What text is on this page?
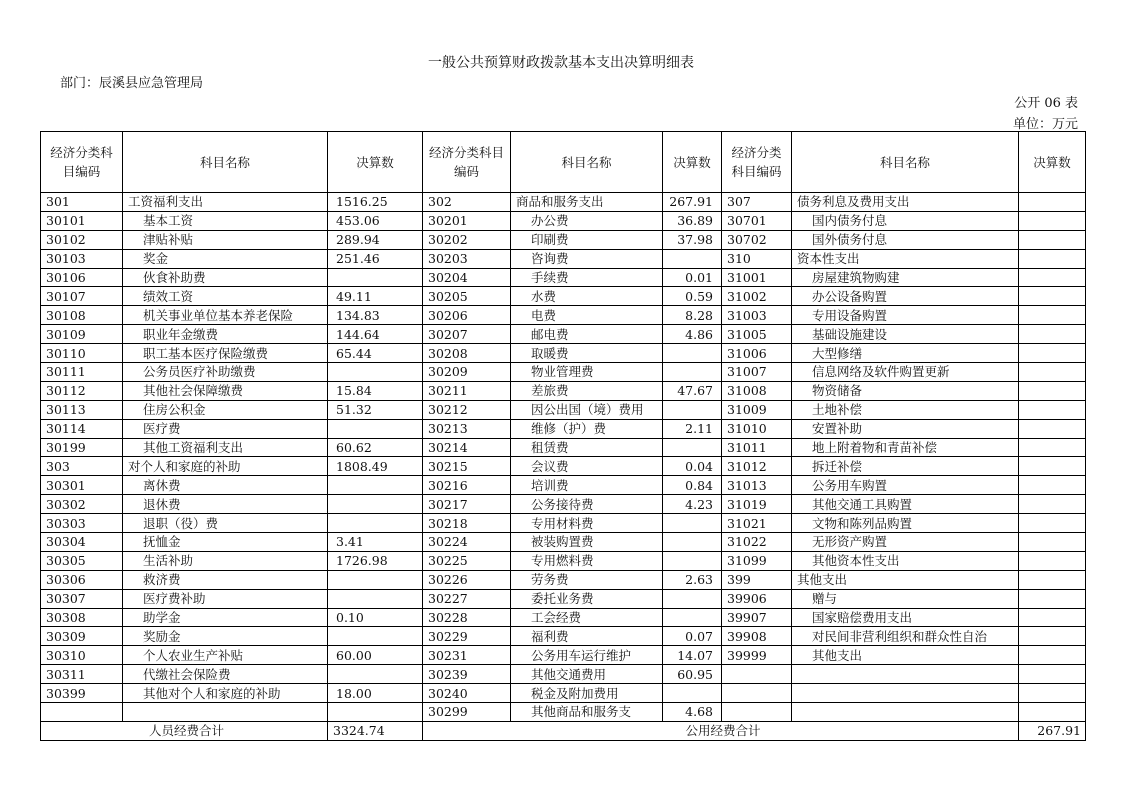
一般公共预算财政拨款基本支出决算明细表
部门：辰溪县应急管理局
公开 06 表
单位：万元
经济分类科目编码	科目名称	决算数	经济分类科目编码	科目名称	决算数	经济分类科目编码	科目名称	决算数
301	工资福利支出	1516.25	302	商品和服务支出	267.91	307	债务利息及费用支出	
30101	基本工资	453.06	30201	办公费	36.89	30701	国内债务付息	
30102	津贴补贴	289.94	30202	印刷费	37.98	30702	国外债务付息	
30103	奖金	251.46	30203	咨询费		310	资本性支出	
30106	伙食补助费		30204	手续费	0.01	31001	房屋建筑物购建	
30107	绩效工资	49.11	30205	水费	0.59	31002	办公设备购置	
30108	机关事业单位基本养老保险	134.83	30206	电费	8.28	31003	专用设备购置	
30109	职业年金缴费	144.64	30207	邮电费	4.86	31005	基础设施建设	
30110	职工基本医疗保险缴费	65.44	30208	取暖费		31006	大型修缮	
30111	公务员医疗补助缴费		30209	物业管理费		31007	信息网络及软件购置更新	
30112	其他社会保障缴费	15.84	30211	差旅费	47.67	31008	物资储备	
30113	住房公积金	51.32	30212	因公出国（境）费用		31009	土地补偿	
30114	医疗费		30213	维修（护）费	2.11	31010	安置补助	
30199	其他工资福利支出	60.62	30214	租赁费		31011	地上附着物和青苗补偿	
303	对个人和家庭的补助	1808.49	30215	会议费	0.04	31012	拆迁补偿	
30301	离休费		30216	培训费	0.84	31013	公务用车购置	
30302	退休费		30217	公务接待费	4.23	31019	其他交通工具购置	
30303	退职（役）费		30218	专用材料费		31021	文物和陈列品购置	
30304	抚恤金	3.41	30224	被装购置费		31022	无形资产购置	
30305	生活补助	1726.98	30225	专用燃料费		31099	其他资本性支出	
30306	救济费		30226	劳务费	2.63	399	其他支出	
30307	医疗费补助		30227	委托业务费		39906	赠与	
30308	助学金	0.10	30228	工会经费		39907	国家赔偿费用支出	
30309	奖励金		30229	福利费	0.07	39908	对民间非营利组织和群众性自治	
30310	个人农业生产补贴	60.00	30231	公务用车运行维护	14.07	39999	其他支出	
30311	代缴社会保险费		30239	其他交通费用	60.95			
30399	其他对个人和家庭的补助	18.00	30240	税金及附加费用				
			30299	其他商品和服务支	4.68			
人员经费合计		3324.74	公用经费合计					267.91
